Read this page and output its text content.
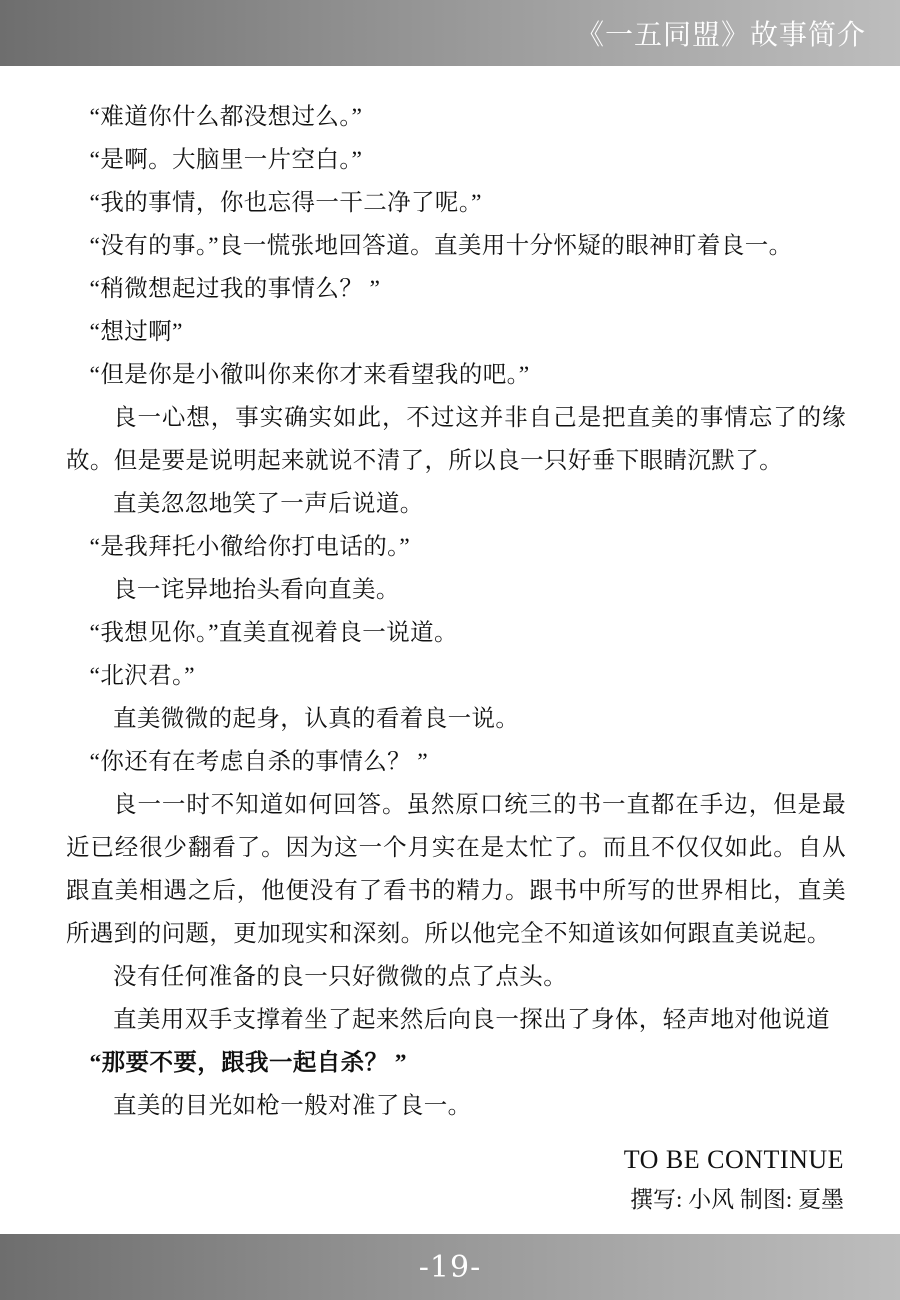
《一五同盟》故事简介

“难道你什么都没想过么。”

“是啊。大脑里一片空白。”

“我的事情，你也忘得一干二净了呢。”

“没有的事。”良一慌张地回答道。直美用十分怀疑的眼神盯着良一。

“稍微想起过我的事情么？ ”

“想过啊”

“但是你是小徹叫你来你才来看望我的吧。”

良一心想，事实确实如此，不过这并非自己是把直美的事情忘了的缘故。但是要是说明起来就说不清了，所以良一只好垂下眼睛沉默了。

直美忽忽地笑了一声后说道。

“是我拜托小徹给你打电话的。”

良一诧异地抬头看向直美。

“我想见你。”直美直视着良一说道。

“北沢君。”

直美微微的起身，认真的看着良一说。

“你还有在考虑自杀的事情么？ ”

良一一时不知道如何回答。虽然原口统三的书一直都在手边，但是最近已经很少翻看了。因为这一个月实在是太忙了。而且不仅仅如此。自从跟直美相遇之后，他便没有了看书的精力。跟书中所写的世界相比，直美所遇到的问题，更加现实和深刻。所以他完全不知道该如何跟直美说起。

没有任何准备的良一只好微微的点了点头。

直美用双手支撑着坐了起来然后向良一探出了身体，轻声地对他说道

“那要不要，跟我一起自杀？ ”

直美的目光如枪一般对准了良一。

TO BE CONTINUE
撰写: 小风 制图: 夏墨
-19-
